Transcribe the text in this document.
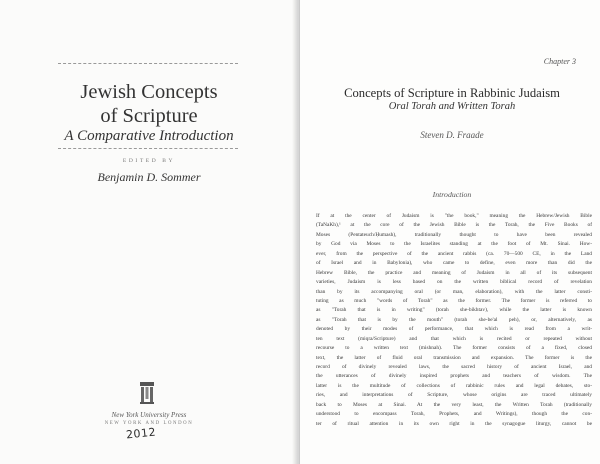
Jewish Concepts
of Scripture
A Comparative Introduction
EDITED BY
Benjamin D. Sommer
New York University Press
NEW YORK AND LONDON
2012
Chapter 3
Concepts of Scripture in Rabbinic Judaism
Oral Torah and Written Torah
Steven D. Fraade
Introduction
If at the center of Judaism is "the book," meaning the Hebrew/Jewish Bible
(TaNaKh),¹ at the core of the Jewish Bible is the Torah, the Five Books of
Moses (Pentateuch/Ḥumash), traditionally thought to have been revealed
by God via Moses to the Israelites standing at the foot of Mt. Sinai. How-
ever, from the perspective of the ancient rabbis (ca. 70—500 CE, in the Land
of Israel and in Babylonia), who came to define, even more than did the
Hebrew Bible, the practice and meaning of Judaism in all of its subsequent
varieties, Judaism is less based on the written biblical record of revelation
than by its accompanying oral (or man, elaboration), with the latter consti-
tuting as much "words of Torah" as the former. The former is referred to
as "Torah that is in writing" (torah she-bikhtav), while the latter is known
as "Torah that is by the mouth" (torah she-be'al peh), or, alternatively, as
denoted by their modes of performance, that which is read from a writ-
ten text (miqra/Scripture) and that which is recited or repeated without
recourse to a written text (mishnah). The former consists of a fixed, closed
text, the latter of fluid oral transmission and expansion. The former is the
record of divinely revealed laws, the sacred history of ancient Israel, and
the utterances of divinely inspired prophets and teachers of wisdom. The
latter is the multitude of collections of rabbinic rules and legal debates, sto-
ries, and interpretations of Scripture, whose origins are traced ultimately
back to Moses at Sinai. At the very least, the Written Torah (traditionally
understood to encompass Torah, Prophets, and Writings), though the con-
ter of ritual attention in its own right in the synagogue liturgy, cannot be
